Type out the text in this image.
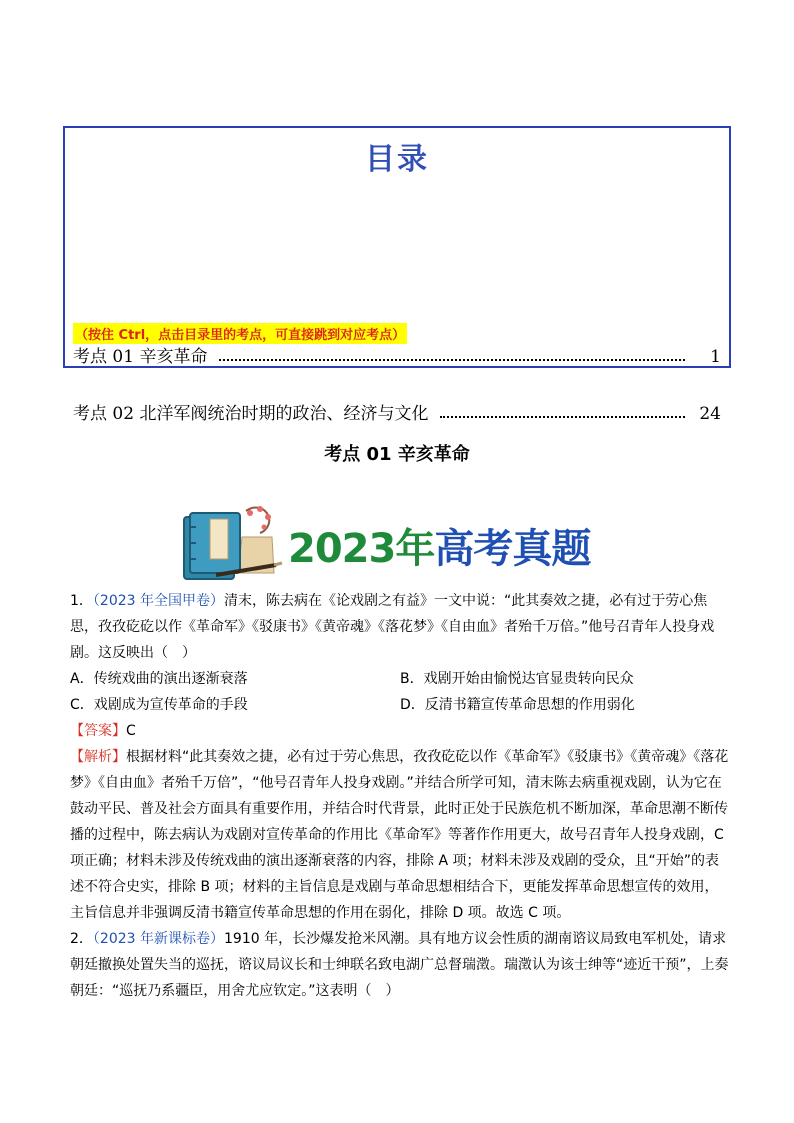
目录
考点 01 辛亥革命	1
考点 02 北洋军阀统治时期的政治、经济与文化	24
（按住 Ctrl，点击目录里的考点，可直接跳到对应考点）
考点 01 辛亥革命
2023年高考真题

1．（2023 年全国甲卷）清末，陈去病在《论戏剧之有益》一文中说：“此其奏效之捷，必有过于劳心焦思，孜孜矻矻以作《革命军》《驳康书》《黄帝魂》《落花梦》《自由血》者殆千万倍。”他号召青年人投身戏剧。这反映出（　）

A．传统戏曲的演出逐渐衰落	B．戏剧开始由愉悦达官显贵转向民众
C．戏剧成为宣传革命的手段	D．反清书籍宣传革命思想的作用弱化

【答案】C

【解析】根据材料“此其奏效之捷，必有过于劳心焦思，孜孜矻矻以作《革命军》《驳康书》《黄帝魂》《落花梦》《自由血》者殆千万倍”，“他号召青年人投身戏剧。”并结合所学可知，清末陈去病重视戏剧，认为它在鼓动平民、普及社会方面具有重要作用，并结合时代背景，此时正处于民族危机不断加深，革命思潮不断传播的过程中，陈去病认为戏剧对宣传革命的作用比《革命军》等著作作用更大，故号召青年人投身戏剧，C 项正确；材料未涉及传统戏曲的演出逐渐衰落的内容，排除 A 项；材料未涉及戏剧的受众，且“开始”的表述不符合史实，排除 B 项；材料的主旨信息是戏剧与革命思想相结合下，更能发挥革命思想宣传的效用，主旨信息并非强调反清书籍宣传革命思想的作用在弱化，排除 D 项。故选 C 项。

2．（2023 年新课标卷）1910 年，长沙爆发抢米风潮。具有地方议会性质的湖南谘议局致电军机处，请求朝廷撤换处置失当的巡抚，谘议局议长和士绅联名致电湖广总督瑞澂。瑞澂认为该士绅等“迹近干预”，上奏朝廷：“巡抚乃系疆臣，用舍尤应钦定。”这表明（　）
